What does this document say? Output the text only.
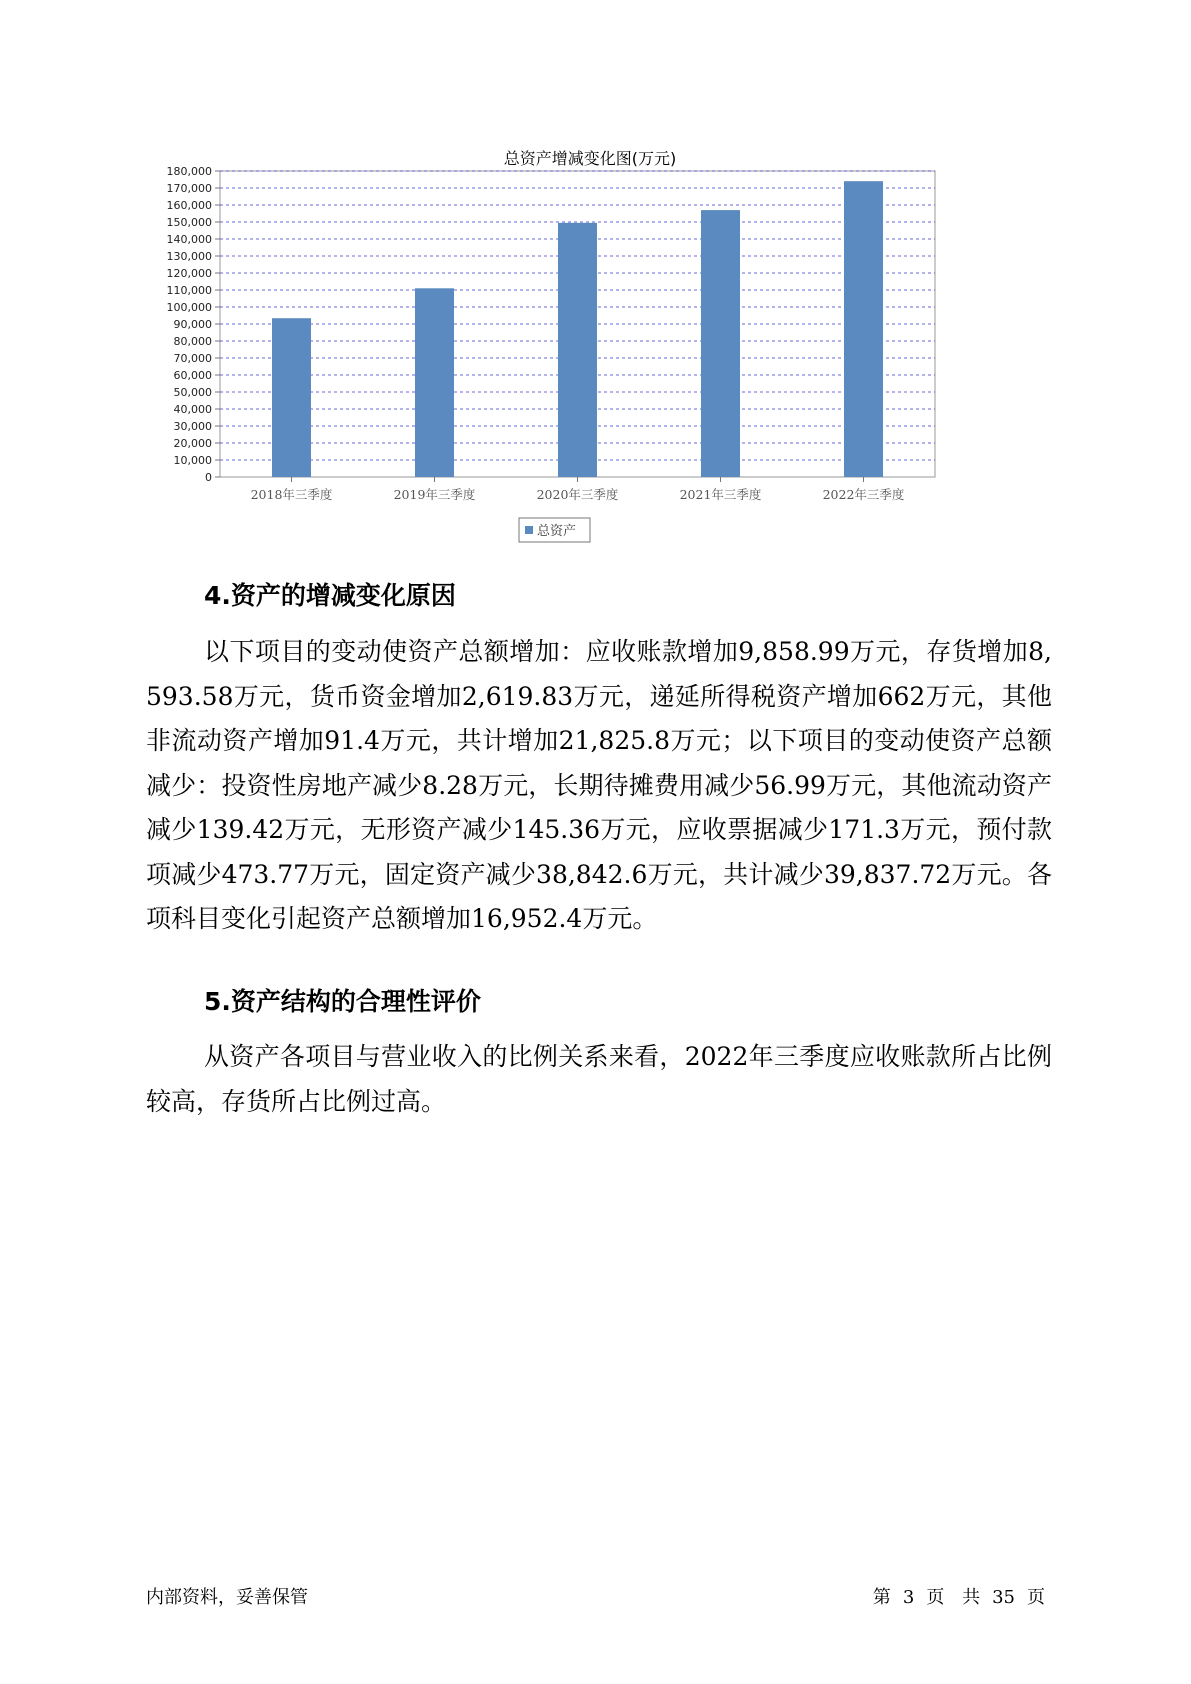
总资产增减变化图(万元)
0
10,000
20,000
30,000
40,000
50,000
60,000
70,000
80,000
90,000
100,000
110,000
120,000
130,000
140,000
150,000
160,000
170,000
180,000
2018年三季度	2019年三季度	2020年三季度	2021年三季度	2022年三季度
总资产
4.资产的增减变化原因

以下项目的变动使资产总额增加：应收账款增加9,858.99万元，存货增加8,593.58万元，货币资金增加2,619.83万元，递延所得税资产增加662万元，其他非流动资产增加91.4万元，共计增加21,825.8万元；以下项目的变动使资产总额减少：投资性房地产减少8.28万元，长期待摊费用减少56.99万元，其他流动资产减少139.42万元，无形资产减少145.36万元，应收票据减少171.3万元，预付款项减少473.77万元，固定资产减少38,842.6万元，共计减少39,837.72万元。各项科目变化引起资产总额增加16,952.4万元。

5.资产结构的合理性评价

从资产各项目与营业收入的比例关系来看，2022年三季度应收账款所占比例较高，存货所占比例过高。

内部资料，妥善保管	第 3 页 共 35 页
